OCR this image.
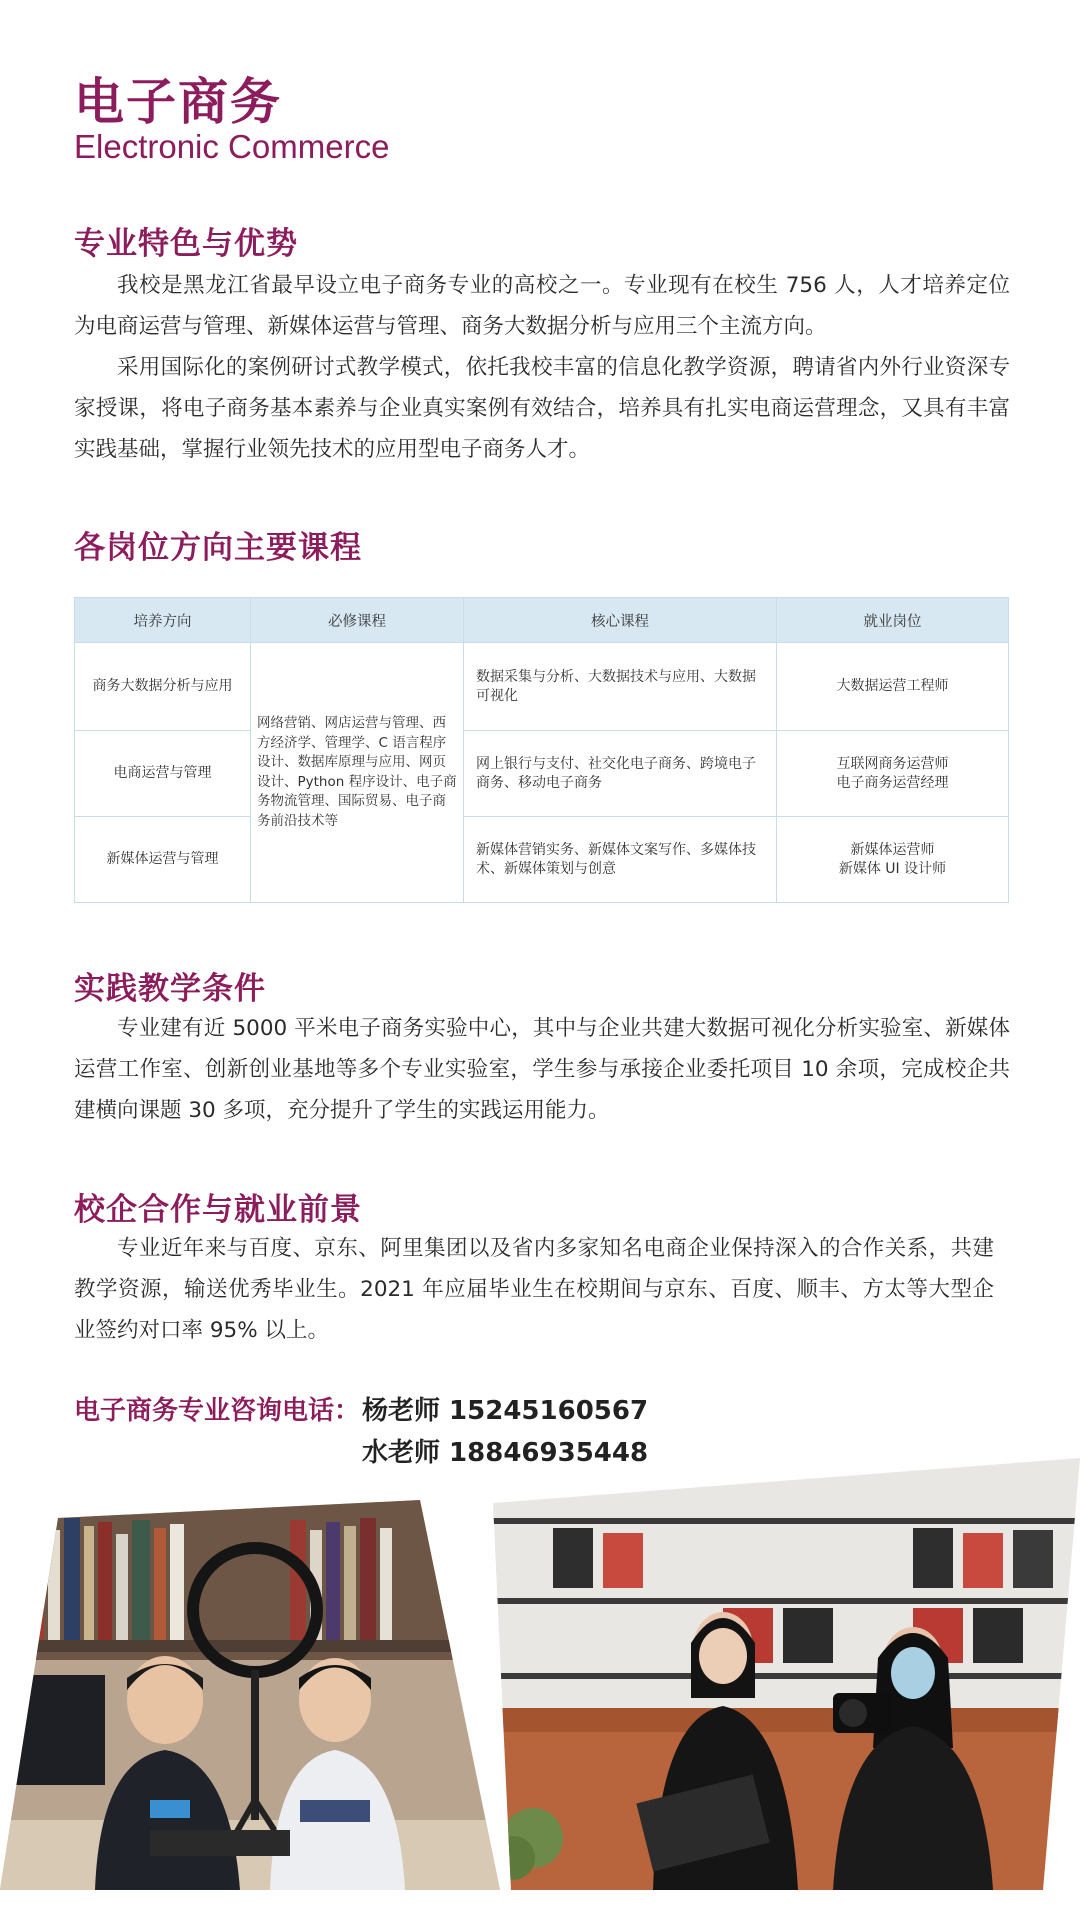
电子商务
Electronic Commerce
专业特色与优势

我校是黑龙江省最早设立电子商务专业的高校之一。专业现有在校生 756 人，人才培养定位为电商运营与管理、新媒体运营与管理、商务大数据分析与应用三个主流方向。

采用国际化的案例研讨式教学模式，依托我校丰富的信息化教学资源，聘请省内外行业资深专家授课，将电子商务基本素养与企业真实案例有效结合，培养具有扎实电商运营理念，又具有丰富实践基础，掌握行业领先技术的应用型电子商务人才。

各岗位方向主要课程
培养方向	必修课程	核心课程	就业岗位
商务大数据分析与应用	网络营销、网店运营与管理、西方经济学、管理学、C 语言程序设计、数据库原理与应用、网页设计、Python 程序设计、电子商务物流管理、国际贸易、电子商务前沿技术等	数据采集与分析、大数据技术与应用、大数据可视化	大数据运营工程师

电商运营与管理		网上银行与支付、社交化电子商务、跨境电子商务、移动电子商务	互联网商务运营师
电子商务运营经理

新媒体运营与管理		新媒体营销实务、新媒体文案写作、多媒体技术、新媒体策划与创意	新媒体运营师
新媒体 UI 设计师
实践教学条件

专业建有近 5000 平米电子商务实验中心，其中与企业共建大数据可视化分析实验室、新媒体运营工作室、创新创业基地等多个专业实验室，学生参与承接企业委托项目 10 余项，完成校企共建横向课题 30 多项，充分提升了学生的实践运用能力。

校企合作与就业前景

专业近年来与百度、京东、阿里集团以及省内多家知名电商企业保持深入的合作关系，共建教学资源，输送优秀毕业生。2021 年应届毕业生在校期间与京东、百度、顺丰、方太等大型企业签约对口率 95% 以上。

电子商务专业咨询电话： 杨老师 15245160567
水老师 18846935448
